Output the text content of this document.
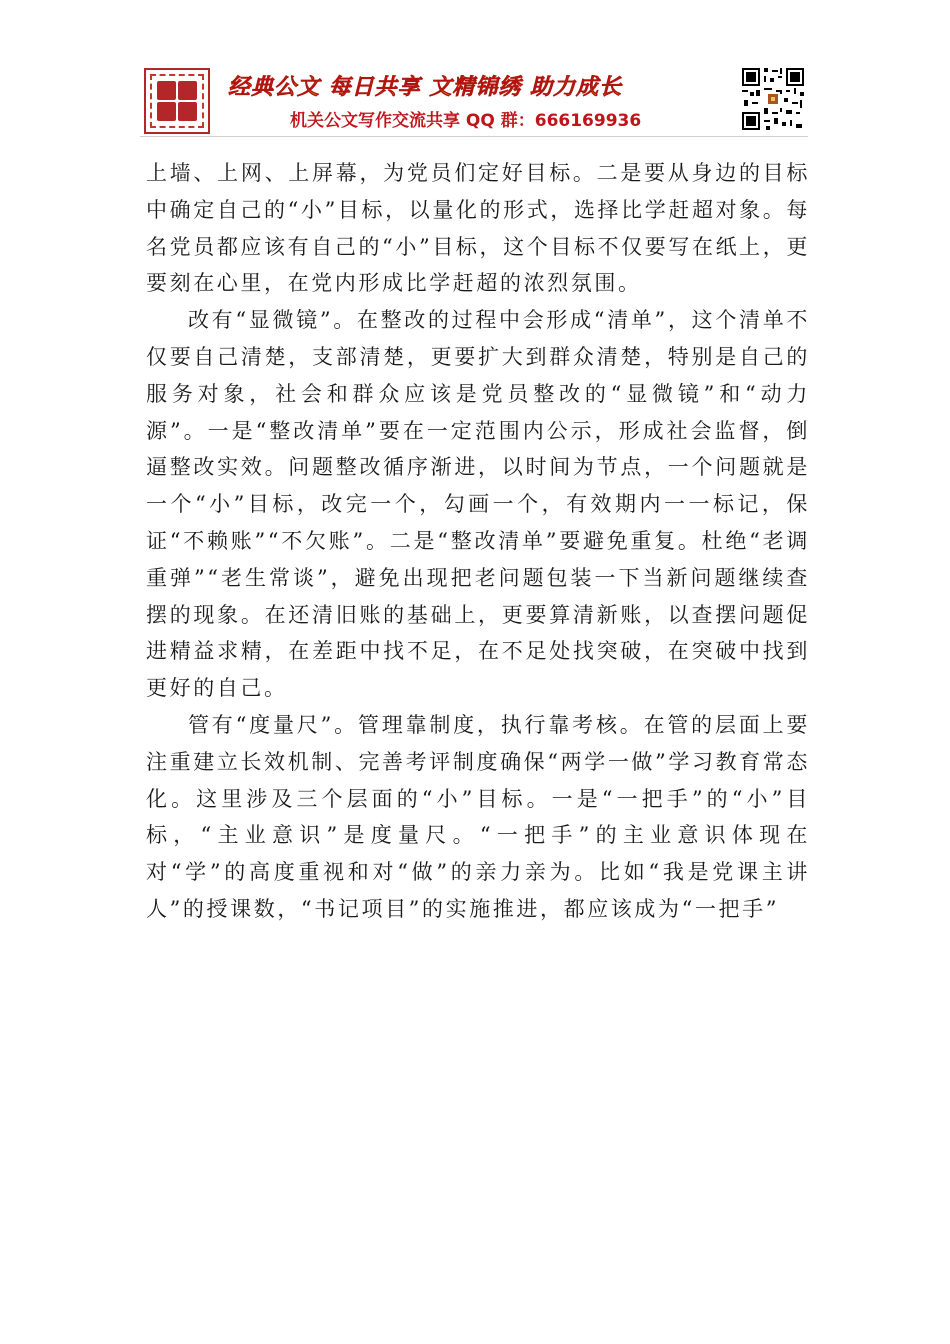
经典公文 每日共享 文精锦绣 助力成长
机关公文写作交流共享 QQ 群：666169936

上墙、上网、上屏幕，为党员们定好目标。二是要从身边的目标中确定自己的“小”目标，以量化的形式，选择比学赶超对象。每名党员都应该有自己的“小”目标，这个目标不仅要写在纸上，更要刻在心里，在党内形成比学赶超的浓烈氛围。

改有“显微镜”。在整改的过程中会形成“清单”，这个清单不仅要自己清楚，支部清楚，更要扩大到群众清楚，特别是自己的服务对象，社会和群众应该是党员整改的“显微镜”和“动力源”。一是“整改清单”要在一定范围内公示，形成社会监督，倒逼整改实效。问题整改循序渐进，以时间为节点，一个问题就是一个“小”目标，改完一个，勾画一个，有效期内一一标记，保证“不赖账”“不欠账”。二是“整改清单”要避免重复。杜绝“老调重弹”“老生常谈”，避免出现把老问题包装一下当新问题继续查摆的现象。在还清旧账的基础上，更要算清新账，以查摆问题促进精益求精，在差距中找不足，在不足处找突破，在突破中找到更好的自己。

管有“度量尺”。管理靠制度，执行靠考核。在管的层面上要注重建立长效机制、完善考评制度确保“两学一做”学习教育常态化。这里涉及三个层面的“小”目标。一是“一把手”的“小”目标，“主业意识”是度量尺。“一把手”的主业意识体现在对“学”的高度重视和对“做”的亲力亲为。比如“我是党课主讲人”的授课数，“书记项目”的实施推进，都应该成为“一把手”
